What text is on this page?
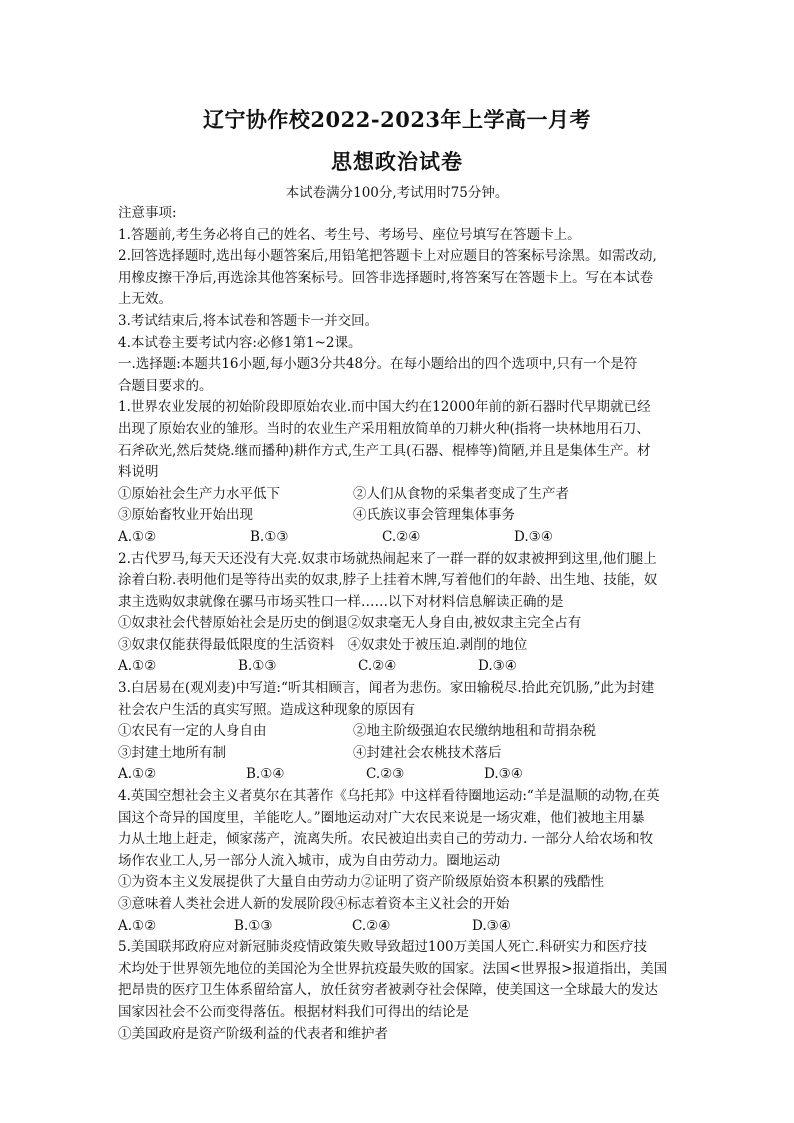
辽宁协作校2022-2023年上学高一月考
思想政治试卷
本试卷满分100分,考试用时75分钟。
注意事项:
1.答题前,考生务必将自己的姓名、考生号、考场号、座位号填写在答题卡上。
2.回答选择题时,选出每小题答案后,用铅笔把答题卡上对应题目的答案标号涂黑。如需改动,
用橡皮擦干净后,再选涂其他答案标号。回答非选择题时,将答案写在答题卡上。写在本试卷
上无效。
3.考试结束后,将本试卷和答题卡一并交回。
4.本试卷主要考试内容:必修1第1~2课。
一.选择题:本题共16小题,每小题3分共48分。在每小题给出的四个选项中,只有一个是符
合题目要求的。
1.世界农业发展的初始阶段即原始农业.而中国大约在12000年前的新石器时代早期就已经
出现了原始农业的雏形。当时的农业生产采用粗放简单的刀耕火种(指将一块林地用石刀、
石斧砍光,然后焚烧.继而播种)耕作方式,生产工具(石器、棍棒等)简陋,并且是集体生产。材
料说明
①原始社会生产力水平低下	②人们从食物的采集者变成了生产者
③原始畜牧业开始出现	④氏族议事会管理集体事务
A.①②	B.①③	C.②④	D.③④
2.古代罗马,每天天还没有大亮.奴隶市场就热闹起来了一群一群的奴隶被押到这里,他们腿上
涂着白粉.表明他们是等待出卖的奴隶,脖子上挂着木牌,写着他们的年龄、出生地、技能，奴
隶主选购奴隶就像在骡马市场买牲口一样……以下对材料信息解读正确的是
①奴隶社会代替原始社会是历史的倒退②奴隶毫无人身自由,被奴隶主完全占有
③奴隶仅能获得最低限度的生活资料　④奴隶处于被压迫.剥削的地位
A.①②	B.①③	C.②④	D.③④
3.白居易在(观刈麦)中写道:“听其相顾言，闻者为悲伤。家田输税尽.拾此充饥肠,”此为封建
社会农户生活的真实写照。造成这种现象的原因有
①农民有一定的人身自由	②地主阶级强迫农民缴纳地租和苛捐杂税
③封建土地所有制	④封建社会农桃技术落后
A.①②	B.①④	C.②③	D.③④
4.英国空想社会主义者莫尔在其著作《乌托邦》中这样看待圈地运动:“羊是温顺的动物,在英
国这个奇异的国度里，羊能吃人。”圈地运动对广大农民来说是一场灾难，他们被地主用暴
力从土地上赶走，倾家荡产，流离失所。农民被迫出卖自己的劳动力. 一部分人给农场和牧
场作农业工人,另一部分人流入城市，成为自由劳动力。圈地运动
①为资本主义发展提供了大量自由劳动力②证明了资产阶级原始资本积累的残酷性
③意味着人类社会进人新的发展阶段④标志着资本主义社会的开始
A.①②	B.①③	C.②④	D.③④
5.美国联邦政府应对新冠肺炎疫情政策失败导致超过100万美国人死亡.科研实力和医疗技
术均处于世界领先地位的美国沦为全世界抗疫最失败的国家。法国<世界报>报道指出，美国
把昂贵的医疗卫生体系留给富人，放任贫穷者被剥夺社会保障，使美国这一全球最大的发达
国家因社会不公而变得落伍。根据材料我们可得出的结论是
①美国政府是资产阶级利益的代表者和维护者
